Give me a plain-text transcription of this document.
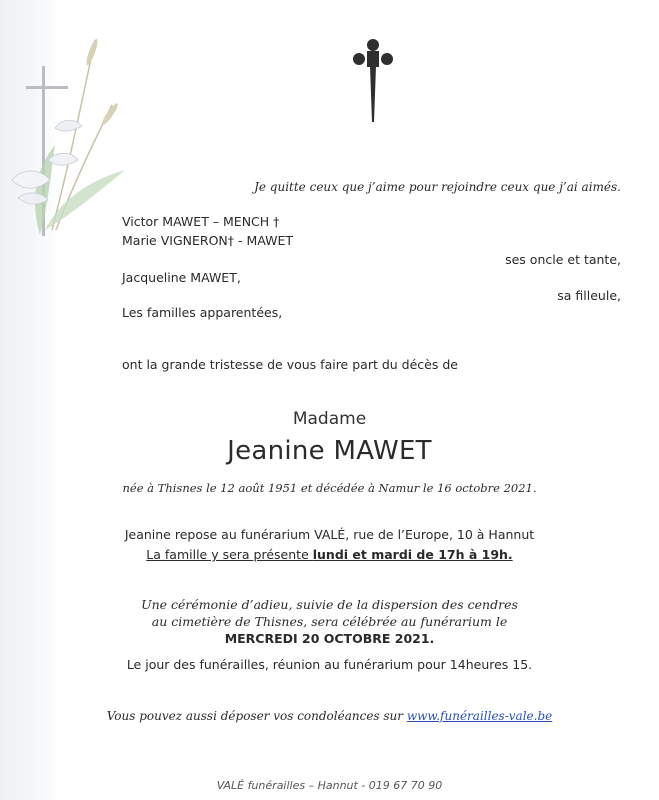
Je quitte ceux que j’aime pour rejoindre ceux que j’ai aimés.
Victor MAWET – MENCH †
Marie VIGNERON† - MAWET
ses oncle et tante,
Jacqueline MAWET,
sa filleule,
Les familles apparentées,
ont la grande tristesse de vous faire part du décès de
Madame
Jeanine MAWET
née à Thisnes le 12 août 1951 et décédée à Namur le 16 octobre 2021.
Jeanine repose au funérarium VALÉ, rue de l’Europe, 10 à Hannut
La famille y sera présente lundi et mardi de 17h à 19h.
Une cérémonie d’adieu, suivie de la dispersion des cendres
au cimetière de Thisnes, sera célébrée au funérarium le
MERCREDI 20 OCTOBRE 2021.
Le jour des funérailles, réunion au funérarium pour 14heures 15.
Vous pouvez aussi déposer vos condoléances sur www.funérailles-vale.be
VALÉ funérailles – Hannut - 019 67 70 90
